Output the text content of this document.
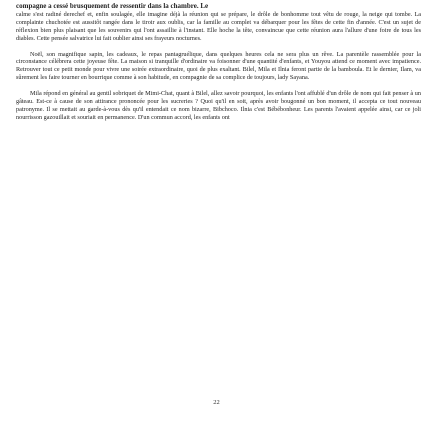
compagne a cessé brusquement de ressentir dans la chambre. Le
calme s'est radiné derechef et, enfin soulagée, elle imagine déjà la réunion qui se prépare, le drôle de bonhomme tout vêtu de rouge, la neige qui tombe. La complainte chuchotée est aussitôt rangée dans le tiroir aux oublis, car la famille au complet va débarquer pour les fêtes de cette fin d'année. C'est un sujet de réflexion bien plus plaisant que les souvenirs qui l'ont assaillie à l'instant. Elle hoche la tête, convaincue que cette réunion aura l'allure d'une foire de tous les diables. Cette pensée salvatrice lui fait oublier ainsi ses frayeurs nocturnes.

Noël, son magnifique sapin, les cadeaux, le repas pantagruélique, dans quelques heures cela ne sera plus un rêve. La parentèle rassemblée pour la circonstance célébrera cette joyeuse fête. La maison si tranquille d'ordinaire va foisonner d'une quantité d'enfants, et Youyou attend ce moment avec impatience. Retrouver tout ce petit monde pour vivre une soirée extraordinaire, quoi de plus exaltant. Bilel, Mila et Ilnia feront partie de la bamboula. Et le dernier, Ilam, va sûrement les faire tourner en bourrique comme à son habitude, en compagnie de sa complice de toujours, lady Sayana.

Mila répond en général au gentil sobriquet de Mimi-Chat, quant à Bilel, allez savoir pourquoi, les enfants l'ont affublé d'un drôle de nom qui fait penser à un gâteau. Est-ce à cause de son attirance prononcée pour les sucreries ? Quoi qu'il en soit, après avoir bougonné un bon moment, il accepta ce tout nouveau patronyme. Il se mettait au garde-à-vous dès qu'il entendait ce nom bizarre, Bibchoco. Ilnia c'est Bébébonheur. Les parents l'avaient appelée ainsi, car ce joli nourrisson gazouillait et souriait en permanence. D'un commun accord, les enfants ont

22
